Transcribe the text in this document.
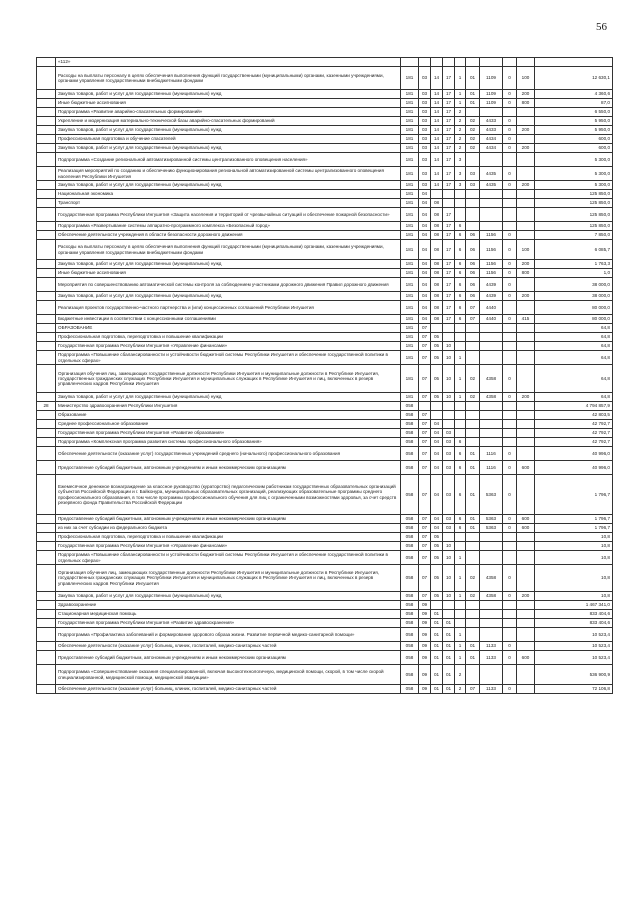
56
	«112»										
	Расходы на выплаты персоналу в целях обеспечения выполнения функций государственными (муниципальными) органами, казенными учреждениями, органами управления государственными внебюджетными фондами	181	03	14	17	1	01	1109	0	100	12 630,1
	Закупка товаров, работ и услуг для государственных (муниципальных) нужд	181	03	14	17	1	01	1109	0	200	4 360,6
	Иные бюджетные ассигнования	181	03	14	17	1	01	1109	0	800	87,0
	Подпрограмма «Развитие аварийно-спасательных формирований»	181	03	14	17	2					6 550,0
	Укрепление и модернизация материально-технической базы аварийно-спасательных формирований	181	03	14	17	2	02	4433	0		5 950,0
	Закупка товаров, работ и услуг для государственных (муниципальных) нужд	181	03	14	17	2	02	4433	0	200	5 950,0
	Профессиональная подготовка и обучение спасателей	181	03	14	17	2	02	4434	0		600,0
	Закупка товаров, работ и услуг для государственных (муниципальных) нужд	181	03	14	17	2	02	4434	0	200	600,0
	Подпрограмма «Создание региональной автоматизированной системы централизованного оповещения населения»	181	03	14	17	3					5 300,0
	Реализация мероприятий по созданию и обеспечению функционирования региональной автоматизированной системы централизованного оповещения населения Республики Ингушетия	181	03	14	17	3	03	4435	0		5 300,0
	Закупка товаров, работ и услуг для государственных (муниципальных) нужд	181	03	14	17	3	03	4435	0	200	5 300,0
	Национальная экономика	181	04								125 850,0
	Транспорт	181	04	08							125 850,0
	Государственная программа Республики Ингушетия «Защита населения и территорий от чрезвычайных ситуаций и обеспечение пожарной безопасности»	181	04	08	17						125 850,0
	Подпрограмма «Развертывание системы аппаратно-программного комплекса «Безопасный город»	181	04	08	17	6					125 850,0
	Обеспечение деятельности учреждения в области безопасности дорожного движения	181	04	08	17	6	06	1156	0		7 850,0
	Расходы на выплаты персоналу в целях обеспечения выполнения функций государственными (муниципальными) органами, казенными учреждениями, органами управления государственными внебюджетными фондами	181	04	08	17	6	06	1156	0	100	6 085,7
	Закупка товаров, работ и услуг для государственных (муниципальных) нужд	181	04	08	17	6	06	1156	0	200	1 763,3
	Иные бюджетные ассигнования	181	04	08	17	6	06	1156	0	800	1,0
	Мероприятия по совершенствованию автоматической системы контроля за соблюдением участниками дорожного движения Правил дорожного движения	181	04	08	17	6	06	4439	0		38 000,0
	Закупка товаров, работ и услуг для государственных (муниципальных) нужд	181	04	08	17	6	06	4439	0	200	38 000,0
	Реализация проектов государственно-частного партнерства и (или) концессионных соглашений Республики Ингушетия	181	04	08	17	6	07	4440			80 000,0
	Бюджетные инвестиции в соответствии с концессионными соглашениями	181	04	08	17	6	07	4440	0	415	80 000,0
	ОБРАЗОВАНИЕ	181	07								64,8
	Профессиональная подготовка, переподготовка и повышение квалификации	181	07	05							64,8
	Государственная программа Республики Ингушетия «Управление финансами»	181	07	05	10						64,8
	Подпрограмма «Повышение сбалансированности и устойчивости бюджетной системы Республики Ингушетия и обеспечение государственной политики в отдельных сферах»	181	07	05	10	1					64,8
	Организация обучения лиц, замещающих государственные должности Республики Ингушетия и муниципальные должности в Республике Ингушетия, государственных гражданских служащих Республики Ингушетия и муниципальных служащих в Республике Ингушетия и лиц, включенных в резерв управленческих кадров Республики Ингушетия	181	07	05	10	1	02	4358	0		64,8
	Закупка товаров, работ и услуг для государственных (муниципальных) нужд	181	07	05	10	1	02	4358	0	200	64,8
28	Министерство здравоохранения Республики Ингушетия	058									4 794 857,9
	Образование	058	07								42 803,5
	Среднее профессиональное образование	058	07	04							42 792,7
	Государственная программа Республики Ингушетия «Развитие образования»	058	07	04	03						42 792,7
	Подпрограмма «Комплексная программа развития системы профессионального образования»	058	07	04	03	6					42 792,7
	Обеспечение деятельности (оказание услуг) государственных учреждений среднего (начального) профессионального образования	058	07	04	03	6	01	1116	0		40 996,0
	Предоставление субсидий бюджетным, автономным учреждениям и иным некоммерческим организациям	058	07	04	03	6	01	1116	0	600	40 996,0
	Ежемесячное денежное вознаграждение за классное руководство (кураторство) педагогическим работникам государственных образовательных организаций субъектов Российской Федерации и г. Байконура, муниципальных образовательных организаций, реализующих образовательные программы среднего профессионального образования, в том числе программы профессионального обучения для лиц с ограниченными возможностями здоровья, за счет средств резервного фонда Правительства Российской Федерации	058	07	04	03	6	01	5363	0		1 796,7
	Предоставление субсидий бюджетным, автономным учреждениям и иным некоммерческим организациям	058	07	04	03	6	01	5363	0	600	1 796,7
	из них за счет субсидии из федерального бюджета	058	07	04	03	6	01	5363	0	600	1 796,7
	Профессиональная подготовка, переподготовка и повышение квалификации	058	07	05							10,8
	Государственная программа Республики Ингушетия «Управление финансами»	058	07	05	10						10,8
	Подпрограмма «Повышение сбалансированности и устойчивости бюджетной системы Республики Ингушетия и обеспечение государственной политики в отдельных сферах»	058	07	05	10	1					10,8
	Организация обучения лиц, замещающих государственные должности Республики Ингушетия и муниципальные должности в Республике Ингушетия, государственных гражданских служащих Республики Ингушетия и муниципальных служащих в Республике Ингушетия и лиц, включенных в резерв управленческих кадров Республики Ингушетия	058	07	05	10	1	02	4358	0		10,8
	Закупка товаров, работ и услуг для государственных (муниципальных) нужд	058	07	05	10	1	02	4358	0	200	10,8
	Здравоохранение	058	09								1 467 341,0
	Стационарная медицинская помощь	058	09	01							833 404,6
	Государственная программа Республики Ингушетия «Развитие здравоохранения»	058	09	01	01						833 404,6
	Подпрограмма «Профилактика заболеваний и формирование здорового образа жизни. Развитие первичной медико-санитарной помощи»	058	09	01	01	1					10 523,4
	Обеспечение деятельности (оказание услуг) больниц, клиник, госпиталей, медико-санитарных частей	058	09	01	01	1	01	1133	0		10 523,4
	Предоставление субсидий бюджетным, автономным учреждениям и иным некоммерческим организациям	058	09	01	01	1	01	1133	0	600	10 523,4
	Подпрограмма «Совершенствование оказания специализированной, включая высокотехнологичную, медицинской помощи, скорой, в том числе скорой специализированной, медицинской помощи, медицинской эвакуации»	058	09	01	01	2					536 900,9
	Обеспечение деятельности (оказание услуг) больниц, клиник, госпиталей, медико-санитарных частей	058	09	01	01	2	07	1133	0		72 106,8
